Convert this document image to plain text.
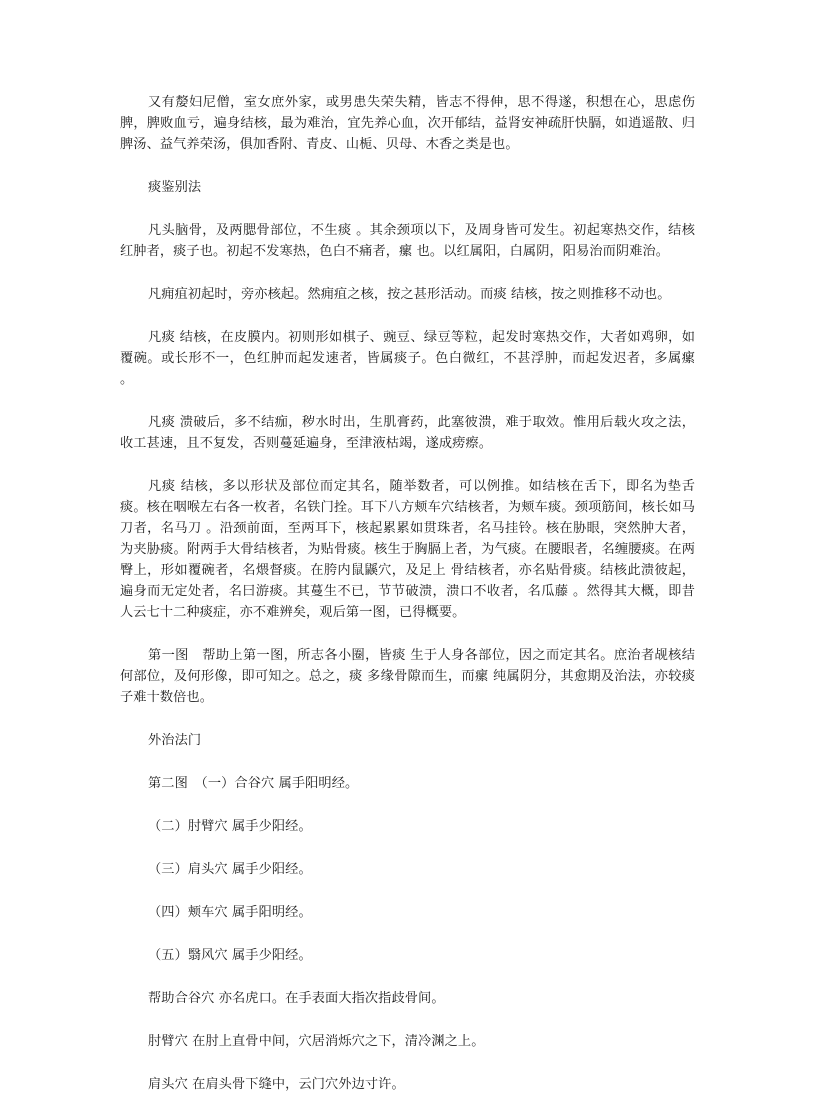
又有嫠妇尼僧，室女庶外家，或男患失荣失精，皆志不得伸，思不得遂，积想在心，思虑伤脾，脾败血亏，遍身结核，最为难治，宜先养心血，次开郁结，益肾安神疏肝快膈，如逍遥散、归脾汤、益气养荣汤，俱加香附、青皮、山栀、贝母、木香之类是也。

痰鉴别法

凡头脑骨，及两腮骨部位，不生痰 。其余颈项以下，及周身皆可发生。初起寒热交作，结核红肿者，痰子也。初起不发寒热，色白不痛者，瘰 也。以红属阳，白属阴，阳易治而阴难治。

凡痈疽初起时，旁亦核起。然痈疽之核，按之甚形活动。而痰 结核，按之则推移不动也。

凡痰 结核，在皮膜内。初则形如棋子、豌豆、绿豆等粒，起发时寒热交作，大者如鸡卵，如覆碗。或长形不一，色红肿而起发速者，皆属痰子。色白微红，不甚浮肿，而起发迟者，多属瘰 。

凡痰 溃破后，多不结痂，秽水时出，生肌膏药，此塞彼溃，难于取效。惟用后载火攻之法，收工甚速，且不复发，否则蔓延遍身，至津液枯竭，遂成痨瘵。

凡痰 结核，多以形状及部位而定其名，随举数者，可以例推。如结核在舌下，即名为垫舌痰。核在咽喉左右各一枚者，名铁门拴。耳下八方颊车穴结核者，为颊车痰。颈项筋间，核长如马刀者，名马刀 。沿颈前面，至两耳下，核起累累如贯珠者，名马挂铃。核在胁眼，突然肿大者，为夹胁痰。附两手大骨结核者，为贴骨痰。核生于胸膈上者，为气痰。在腰眼者，名缠腰痰。在两臀上，形如覆碗者，名煨督痰。在胯内鼠鼷穴，及足上 骨结核者，亦名贴骨痰。结核此溃彼起，遍身而无定处者，名曰游痰。其蔓生不已，节节破溃，溃口不收者，名瓜藤 。然得其大概，即昔人云七十二种痰症，亦不难辨矣，观后第一图，已得概要。

第一图　帮助上第一图，所志各小圈，皆痰 生于人身各部位，因之而定其名。庶治者觇核结何部位，及何形像，即可知之。总之，痰 多缘骨隙而生，而瘰 纯属阴分，其愈期及治法，亦较痰子难十数倍也。

外治法门

第二图　（一）合谷穴 属手阳明经。

（二）肘臂穴 属手少阳经。

（三）肩头穴 属手少阳经。

（四）颊车穴 属手阳明经。

（五）翳风穴 属手少阳经。

帮助合谷穴 亦名虎口。在手表面大指次指歧骨间。

肘臂穴 在肘上直骨中间，穴居消烁穴之下，清冷渊之上。

肩头穴 在肩头骨下缝中，云门穴外边寸许。
